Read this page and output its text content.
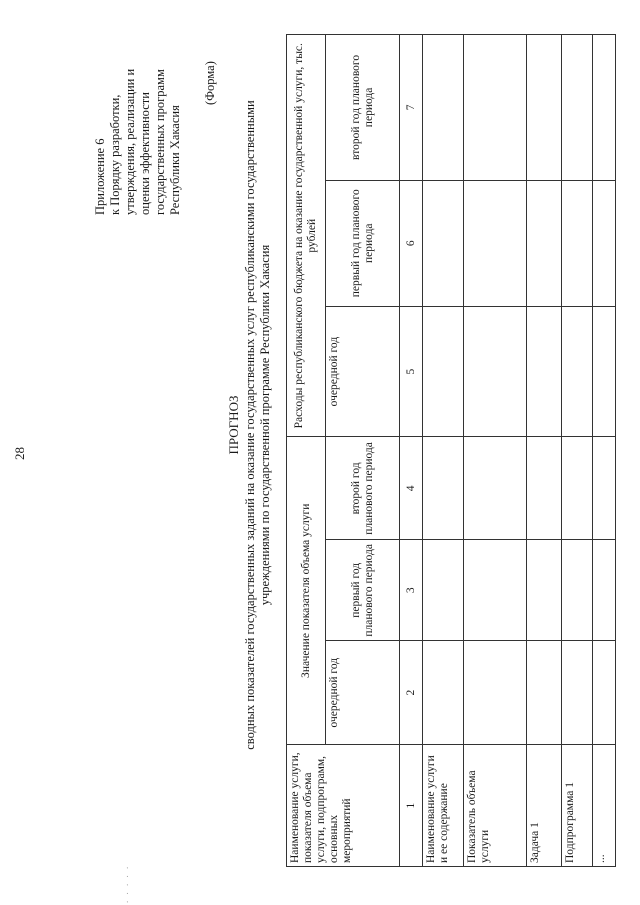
28
Приложение 6 к Порядку разработки, утверждения, реализации и оценки эффективности государственных программ Республики Хакасия
(Форма)
ПРОГНОЗ сводных показателей государственных заданий на оказание государственных услуг республиканскими государственными учреждениями по государственной программе Республики Хакасия
Наименование услуги, показателя объема услуги, подпрограмм, основных мероприятий	Значение показателя объема услуги			Расходы республиканского бюджета на оказание государственной услуги, тыс. рублей		
	очередной год	первый год планового периода	второй год планового периода	очередной год	первый год планового периода	второй год планового периода
1	2	3	4	5	6	7
Наименование услуги и ее содержание						
Показатель объема услуги						
Задача 1						
Подпрограмма 1						
...						
. . . . .
